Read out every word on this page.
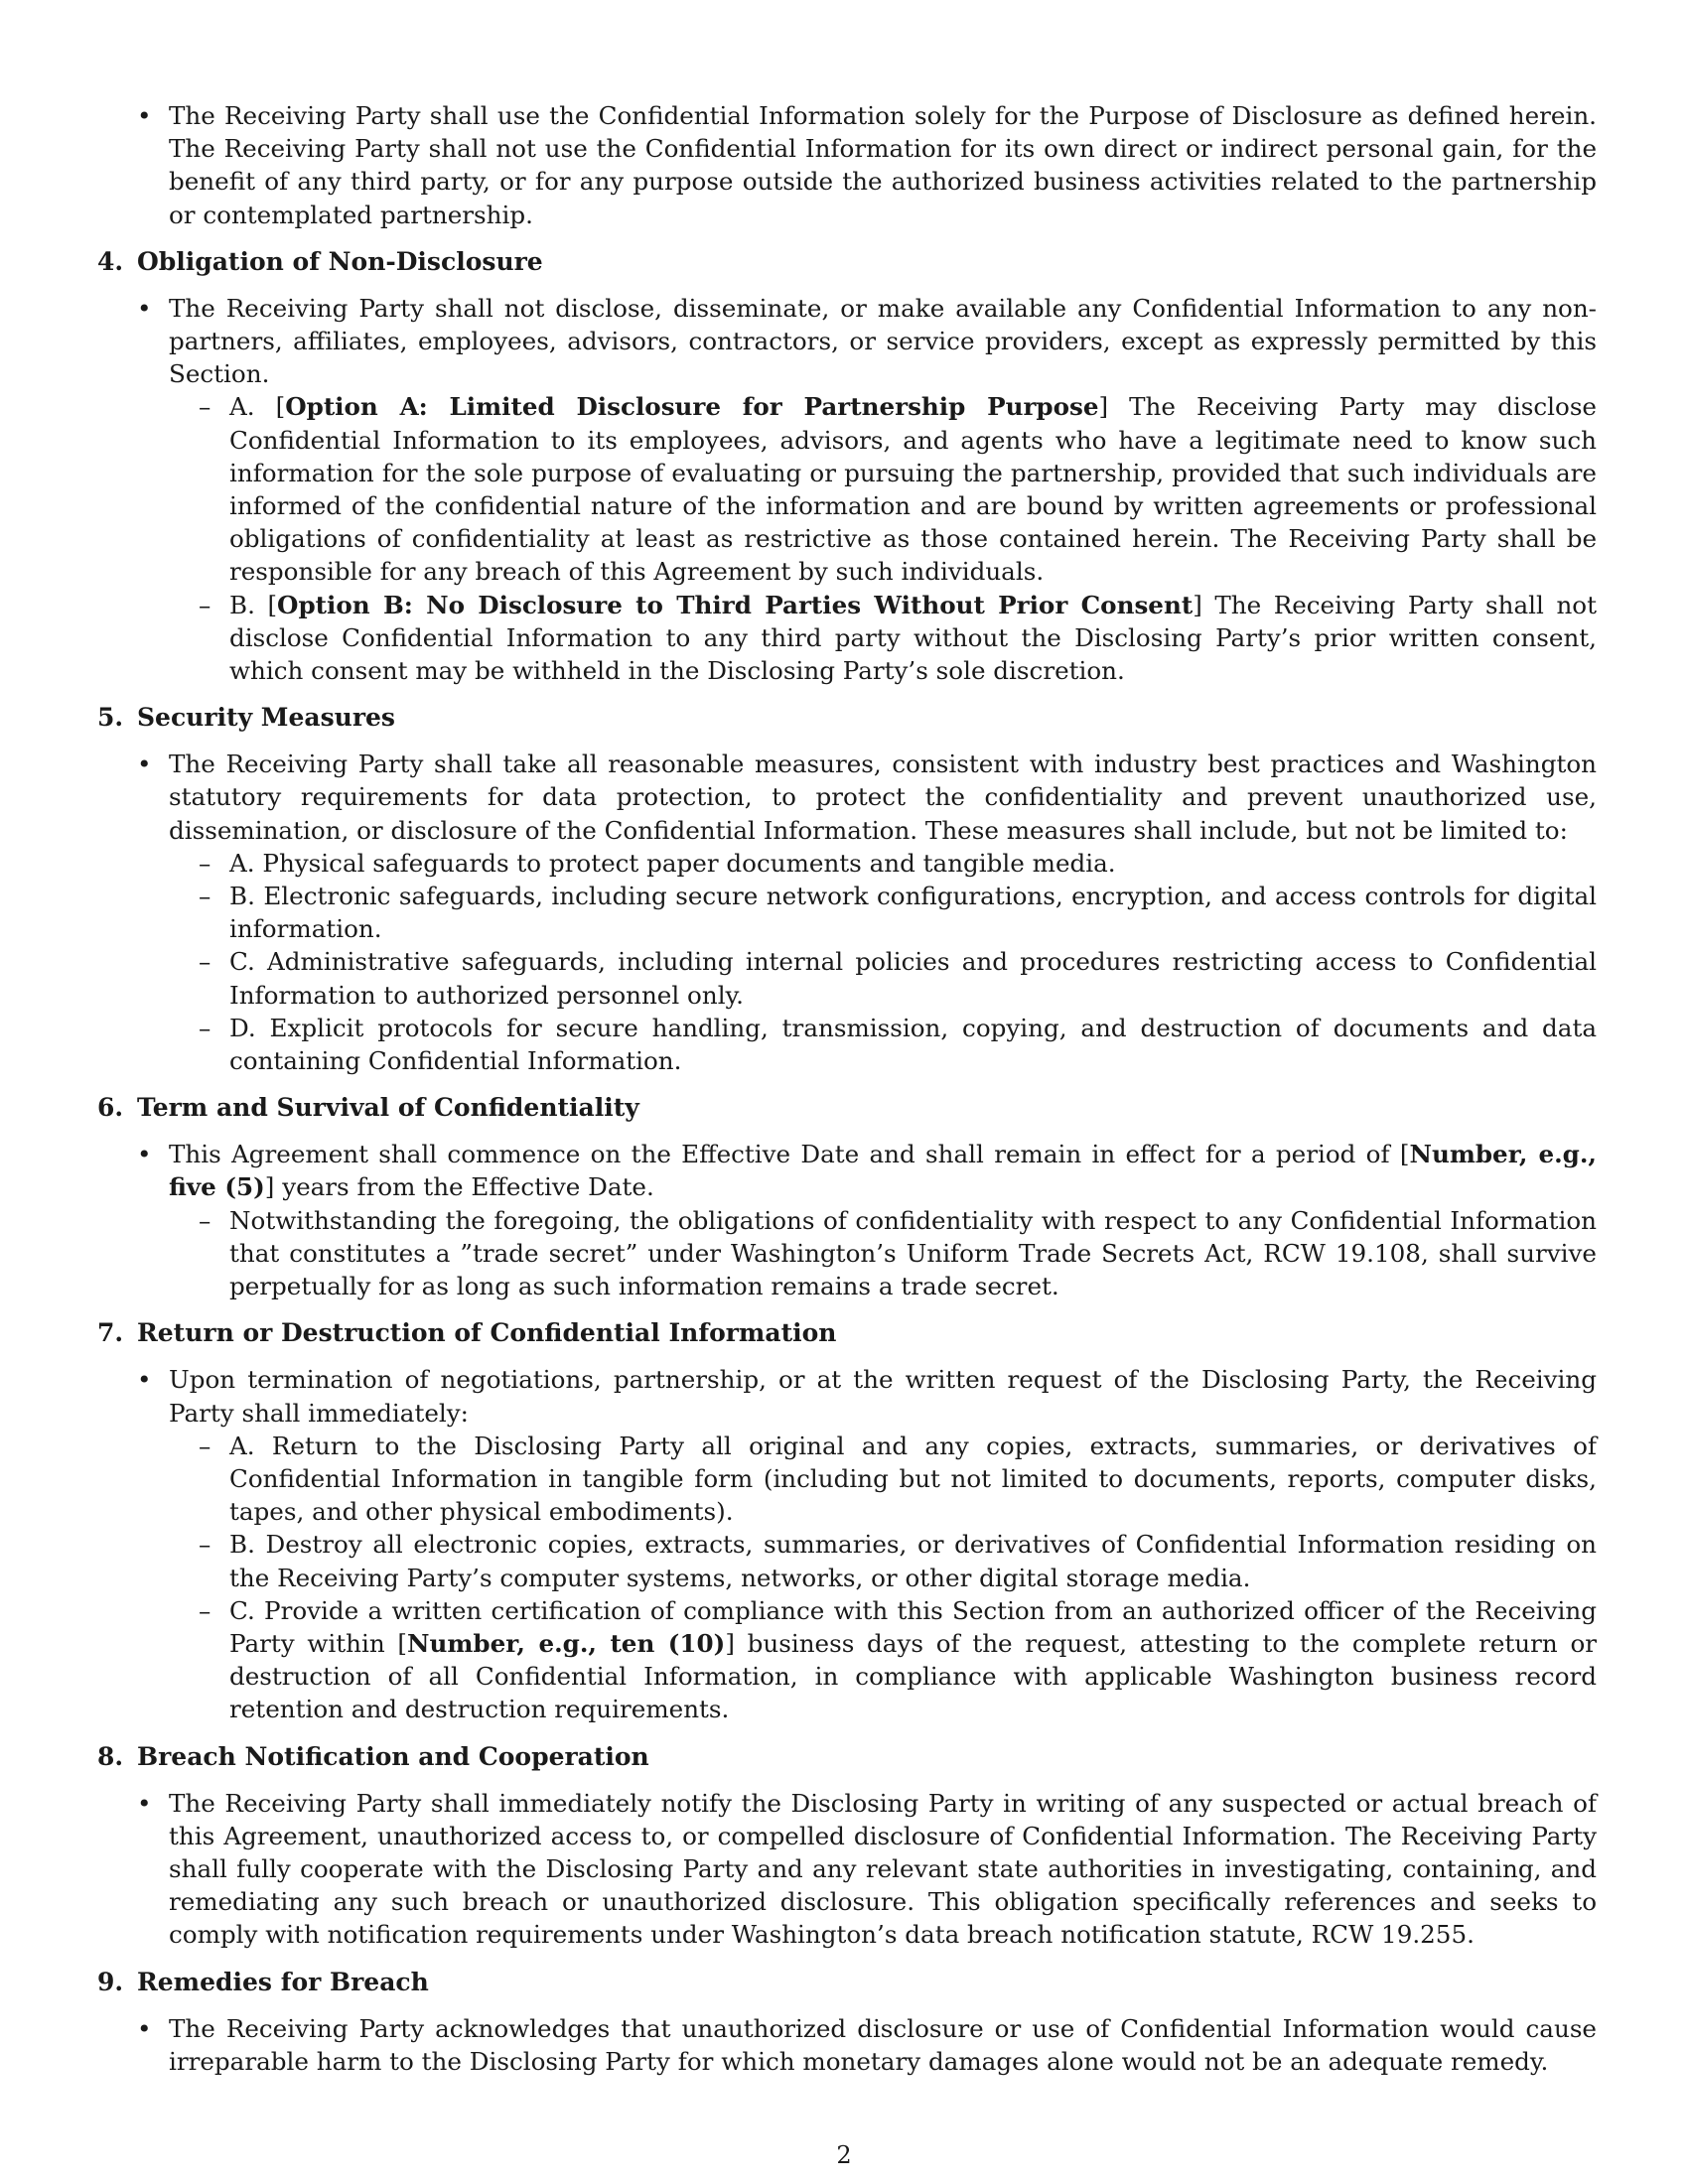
• The Receiving Party shall use the Confidential Information solely for the Purpose of Disclosure as defined herein. The Receiving Party shall not use the Confidential Information for its own direct or indirect personal gain, for the benefit of any third party, or for any purpose outside the authorized business activities related to the partnership or contemplated partnership.
4. Obligation of Non-Disclosure
• The Receiving Party shall not disclose, disseminate, or make available any Confidential Information to any non-partners, affiliates, employees, advisors, contractors, or service providers, except as expressly permitted by this Section.
– A. [Option A: Limited Disclosure for Partnership Purpose] The Receiving Party may disclose Confidential Information to its employees, advisors, and agents who have a legitimate need to know such information for the sole purpose of evaluating or pursuing the partnership, provided that such individuals are informed of the confidential nature of the information and are bound by written agreements or professional obligations of confidentiality at least as restrictive as those contained herein. The Receiving Party shall be responsible for any breach of this Agreement by such individuals.
– B. [Option B: No Disclosure to Third Parties Without Prior Consent] The Receiving Party shall not disclose Confidential Information to any third party without the Disclosing Party’s prior written consent, which consent may be withheld in the Disclosing Party’s sole discretion.
5. Security Measures
• The Receiving Party shall take all reasonable measures, consistent with industry best practices and Washington statutory requirements for data protection, to protect the confidentiality and prevent unauthorized use, dissemination, or disclosure of the Confidential Information. These measures shall include, but not be limited to:
– A. Physical safeguards to protect paper documents and tangible media.
– B. Electronic safeguards, including secure network configurations, encryption, and access controls for digital information.
– C. Administrative safeguards, including internal policies and procedures restricting access to Confidential Information to authorized personnel only.
– D. Explicit protocols for secure handling, transmission, copying, and destruction of documents and data containing Confidential Information.
6. Term and Survival of Confidentiality
• This Agreement shall commence on the Effective Date and shall remain in effect for a period of [Number, e.g., five (5)] years from the Effective Date.
– Notwithstanding the foregoing, the obligations of confidentiality with respect to any Confidential Information that constitutes a ”trade secret” under Washington’s Uniform Trade Secrets Act, RCW 19.108, shall survive perpetually for as long as such information remains a trade secret.
7. Return or Destruction of Confidential Information
• Upon termination of negotiations, partnership, or at the written request of the Disclosing Party, the Receiving Party shall immediately:
– A. Return to the Disclosing Party all original and any copies, extracts, summaries, or derivatives of Confidential Information in tangible form (including but not limited to documents, reports, computer disks, tapes, and other physical embodiments).
– B. Destroy all electronic copies, extracts, summaries, or derivatives of Confidential Information residing on the Receiving Party’s computer systems, networks, or other digital storage media.
– C. Provide a written certification of compliance with this Section from an authorized officer of the Receiving Party within [Number, e.g., ten (10)] business days of the request, attesting to the complete return or destruction of all Confidential Information, in compliance with applicable Washington business record retention and destruction requirements.
8. Breach Notification and Cooperation
• The Receiving Party shall immediately notify the Disclosing Party in writing of any suspected or actual breach of this Agreement, unauthorized access to, or compelled disclosure of Confidential Information. The Receiving Party shall fully cooperate with the Disclosing Party and any relevant state authorities in investigating, containing, and remediating any such breach or unauthorized disclosure. This obligation specifically references and seeks to comply with notification requirements under Washington’s data breach notification statute, RCW 19.255.
9. Remedies for Breach
• The Receiving Party acknowledges that unauthorized disclosure or use of Confidential Information would cause irreparable harm to the Disclosing Party for which monetary damages alone would not be an adequate remedy.
2
